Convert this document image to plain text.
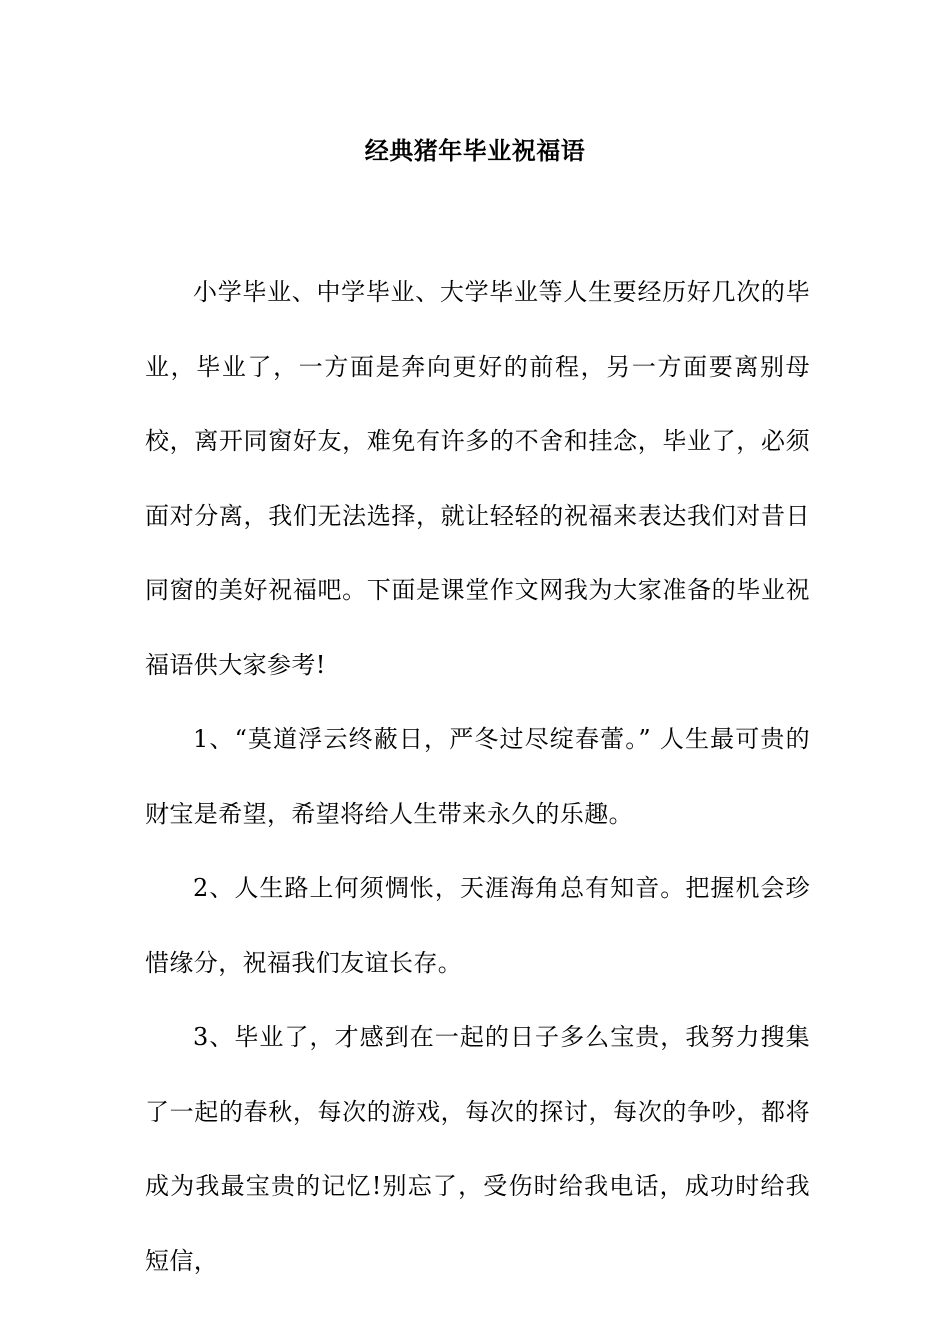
经典猪年毕业祝福语

小学毕业、中学毕业、大学毕业等人生要经历好几次的毕业，毕业了，一方面是奔向更好的前程，另一方面要离别母校，离开同窗好友，难免有许多的不舍和挂念，毕业了，必须面对分离，我们无法选择，就让轻轻的祝福来表达我们对昔日同窗的美好祝福吧。下面是课堂作文网我为大家准备的毕业祝福语供大家参考!

1、“莫道浮云终蔽日，严冬过尽绽春蕾。” 人生最可贵的财宝是希望，希望将给人生带来永久的乐趣。

2、人生路上何须惆怅，天涯海角总有知音。把握机会珍惜缘分，祝福我们友谊长存。

3、毕业了，才感到在一起的日子多么宝贵，我努力搜集了一起的春秋，每次的游戏，每次的探讨，每次的争吵，都将成为我最宝贵的记忆!别忘了，受伤时给我电话，成功时给我短信，
